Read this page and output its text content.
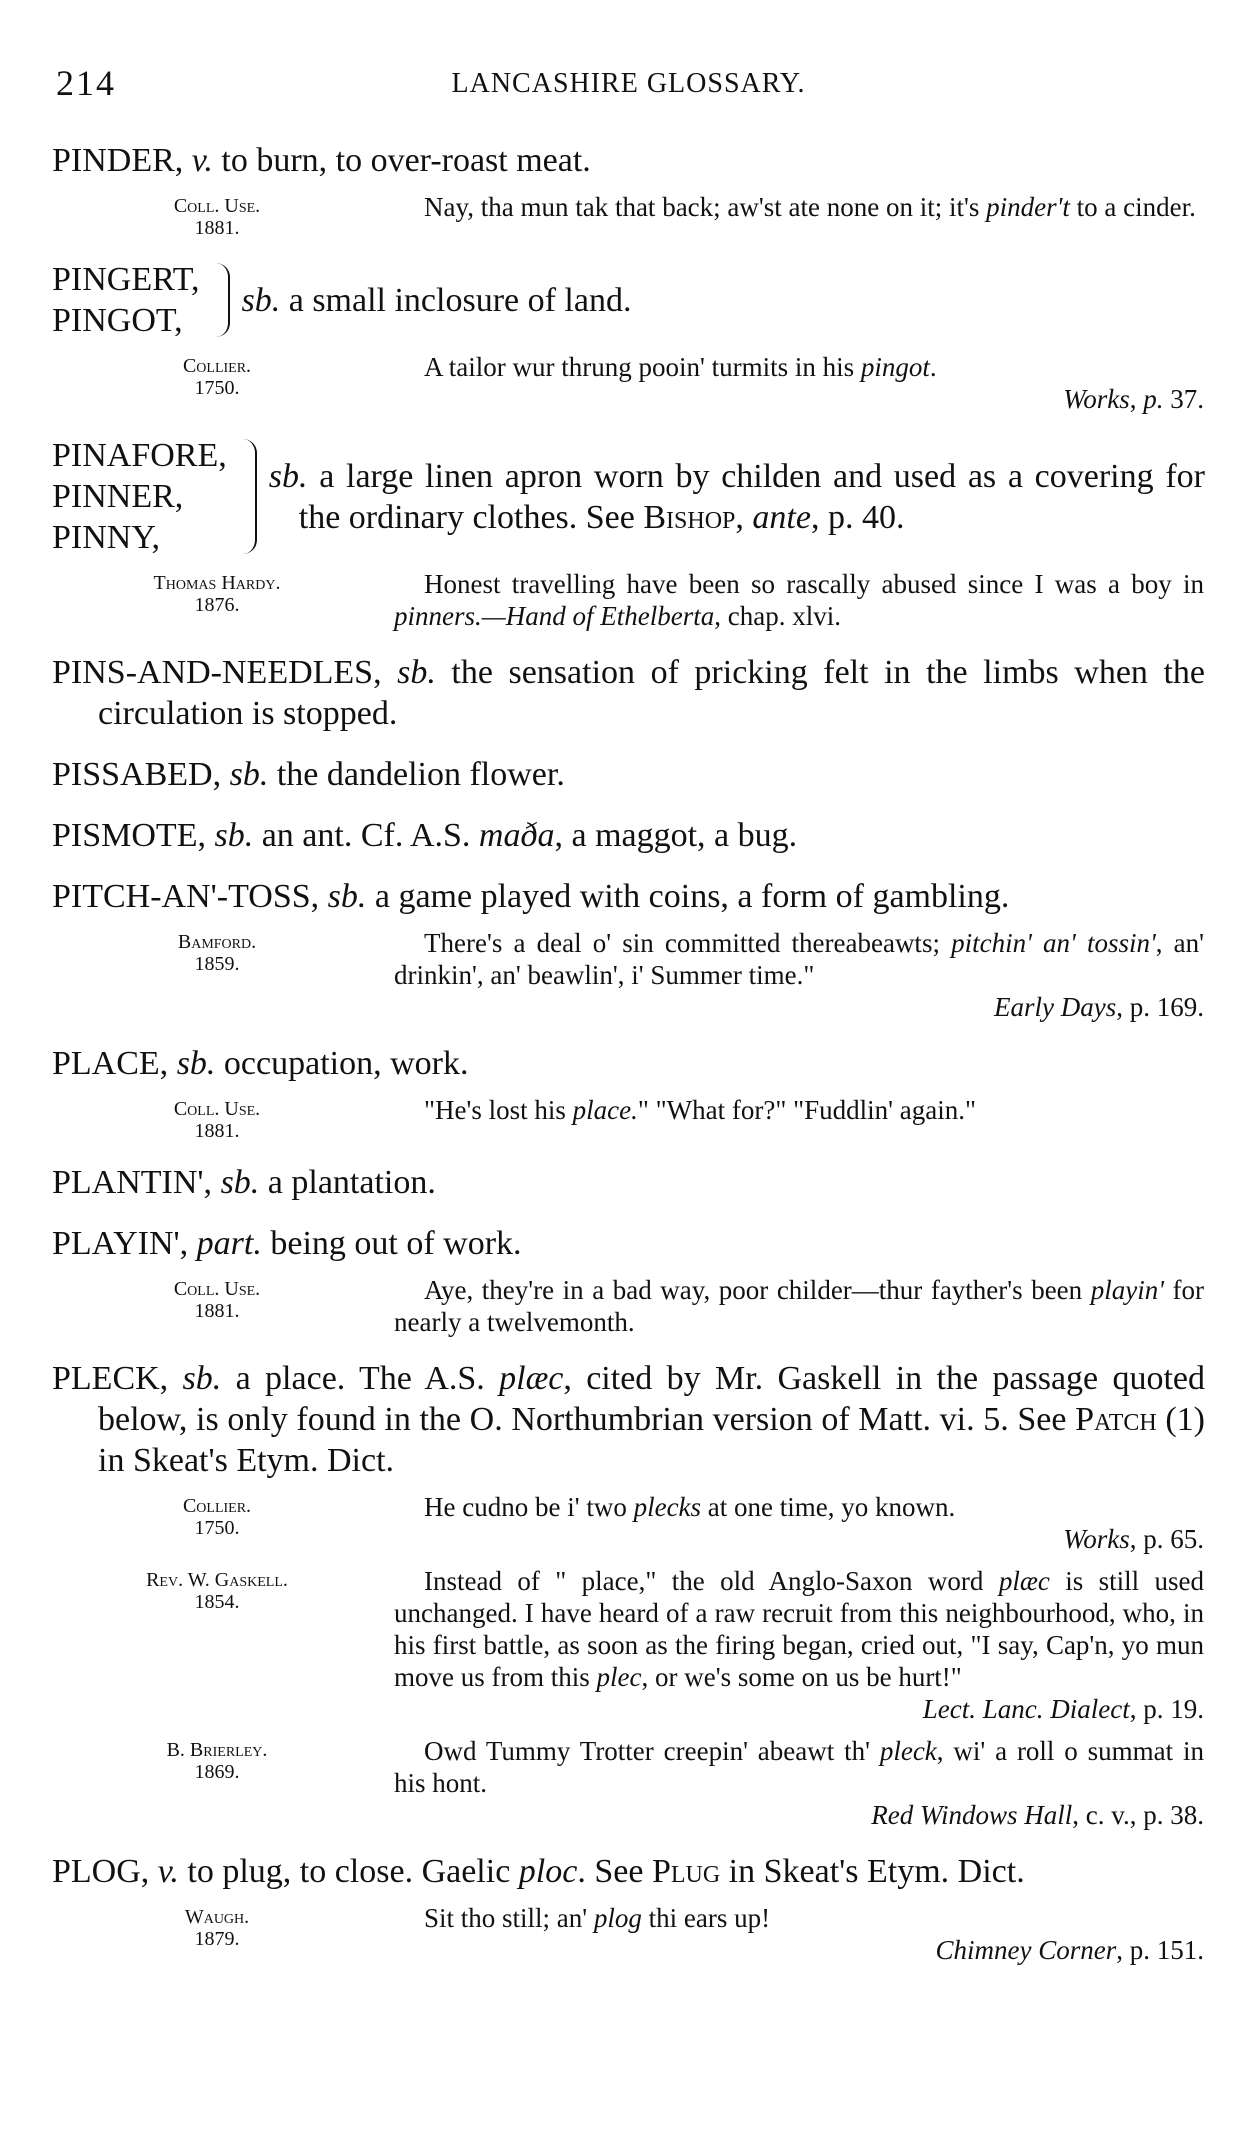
214	LANCASHIRE GLOSSARY.
PINDER, v. to burn, to over-roast meat.
Coll. Use.
1881.
Nay, tha mun tak that back; aw'st ate none on it; it's pinder't to a cinder.
PINGERT,
PINGOT,
sb. a small inclosure of land.
Collier.
1750.
A tailor wur thrung pooin' turmits in his pingot.
Works, p. 37.
PINAFORE,
PINNER,
PINNY,
sb. a large linen apron worn by childen and used as a covering for the ordinary clothes. See Bishop, ante, p. 40.
Thomas Hardy.
1876.
Honest travelling have been so rascally abused since I was a boy in pinners.—Hand of Ethelberta, chap. xlvi.
PINS-AND-NEEDLES, sb. the sensation of pricking felt in the limbs when the circulation is stopped.
PISSABED, sb. the dandelion flower.
PISMOTE, sb. an ant. Cf. A.S. maða, a maggot, a bug.
PITCH-AN'-TOSS, sb. a game played with coins, a form of gambling.
Bamford.
1859.
There's a deal o' sin committed thereabeawts; pitchin' an' tossin', an' drinkin', an' beawlin', i' Summer time."
Early Days, p. 169.
PLACE, sb. occupation, work.
Coll. Use.
1881.
"He's lost his place." "What for?" "Fuddlin' again."
PLANTIN', sb. a plantation.
PLAYIN', part. being out of work.
Coll. Use.
1881.
Aye, they're in a bad way, poor childer—thur fayther's been playin' for nearly a twelvemonth.
PLECK, sb. a place. The A.S. plæc, cited by Mr. Gaskell in the passage quoted below, is only found in the O. Northumbrian version of Matt. vi. 5. See Patch (1) in Skeat's Etym. Dict.
Collier.
1750.
He cudno be i' two plecks at one time, yo known.
Works, p. 65.
Rev. W. Gaskell.
1854.
Instead of " place," the old Anglo-Saxon word plæc is still used unchanged. I have heard of a raw recruit from this neighbourhood, who, in his first battle, as soon as the firing began, cried out, "I say, Cap'n, yo mun move us from this plec, or we's some on us be hurt!"
Lect. Lanc. Dialect, p. 19.
B. Brierley.
1869.
Owd Tummy Trotter creepin' abeawt th' pleck, wi' a roll o summat in his hont.
Red Windows Hall, c. v., p. 38.
PLOG, v. to plug, to close. Gaelic ploc. See Plug in Skeat's Etym. Dict.
Waugh.
1879.
Sit tho still; an' plog thi ears up!
Chimney Corner, p. 151.
